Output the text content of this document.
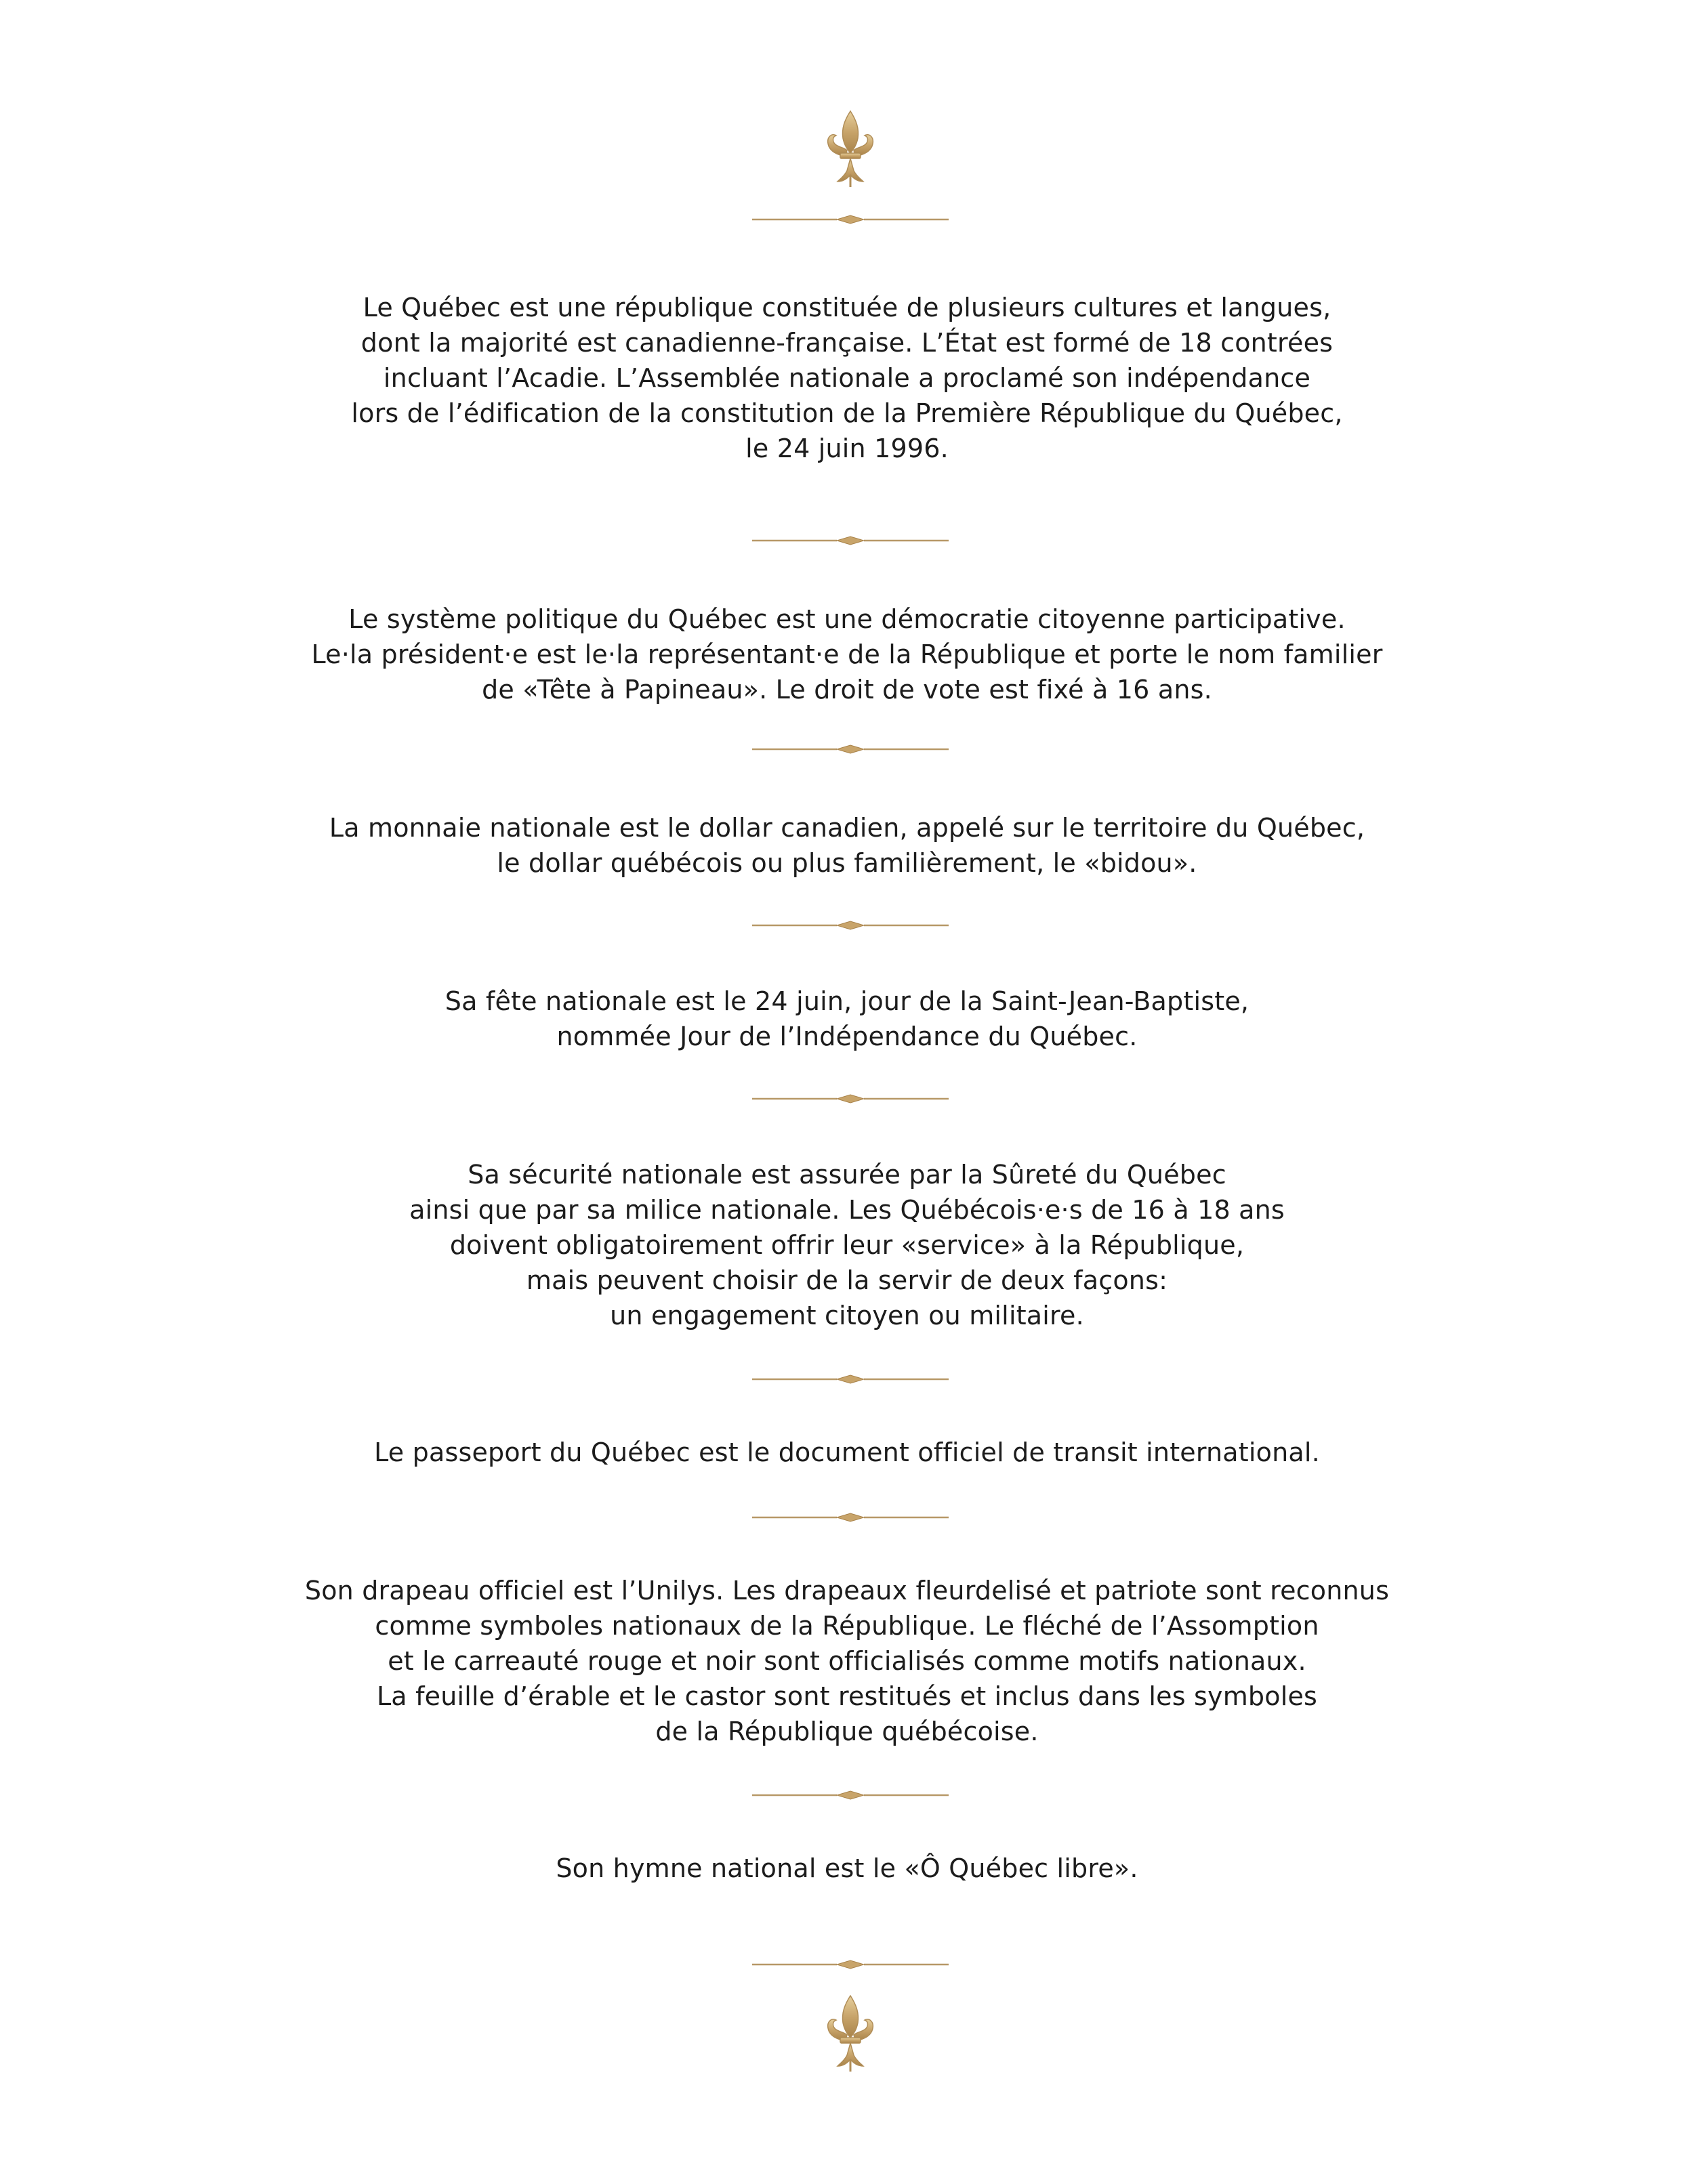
Le Québec est une république constituée de plusieurs cultures et langues,
dont la majorité est canadienne-française. L’État est formé de 18 contrées
incluant l’Acadie. L’Assemblée nationale a proclamé son indépendance
lors de l’édification de la constitution de la Première République du Québec,
le 24 juin 1996.
Le système politique du Québec est une démocratie citoyenne participative.
Le·la président·e est le·la représentant·e de la République et porte le nom familier
de «Tête à Papineau». Le droit de vote est fixé à 16 ans.
La monnaie nationale est le dollar canadien, appelé sur le territoire du Québec,
le dollar québécois ou plus familièrement, le «bidou».
Sa fête nationale est le 24 juin, jour de la Saint-Jean-Baptiste,
nommée Jour de l’Indépendance du Québec.
Sa sécurité nationale est assurée par la Sûreté du Québec
ainsi que par sa milice nationale. Les Québécois·e·s de 16 à 18 ans
doivent obligatoirement offrir leur «service» à la République,
mais peuvent choisir de la servir de deux façons:
un engagement citoyen ou militaire.
Le passeport du Québec est le document officiel de transit international.
Son drapeau officiel est l’Unilys. Les drapeaux fleurdelisé et patriote sont reconnus
comme symboles nationaux de la République. Le fléché de l’Assomption
et le carreauté rouge et noir sont officialisés comme motifs nationaux.
La feuille d’érable et le castor sont restitués et inclus dans les symboles
de la République québécoise.
Son hymne national est le «Ô Québec libre».
